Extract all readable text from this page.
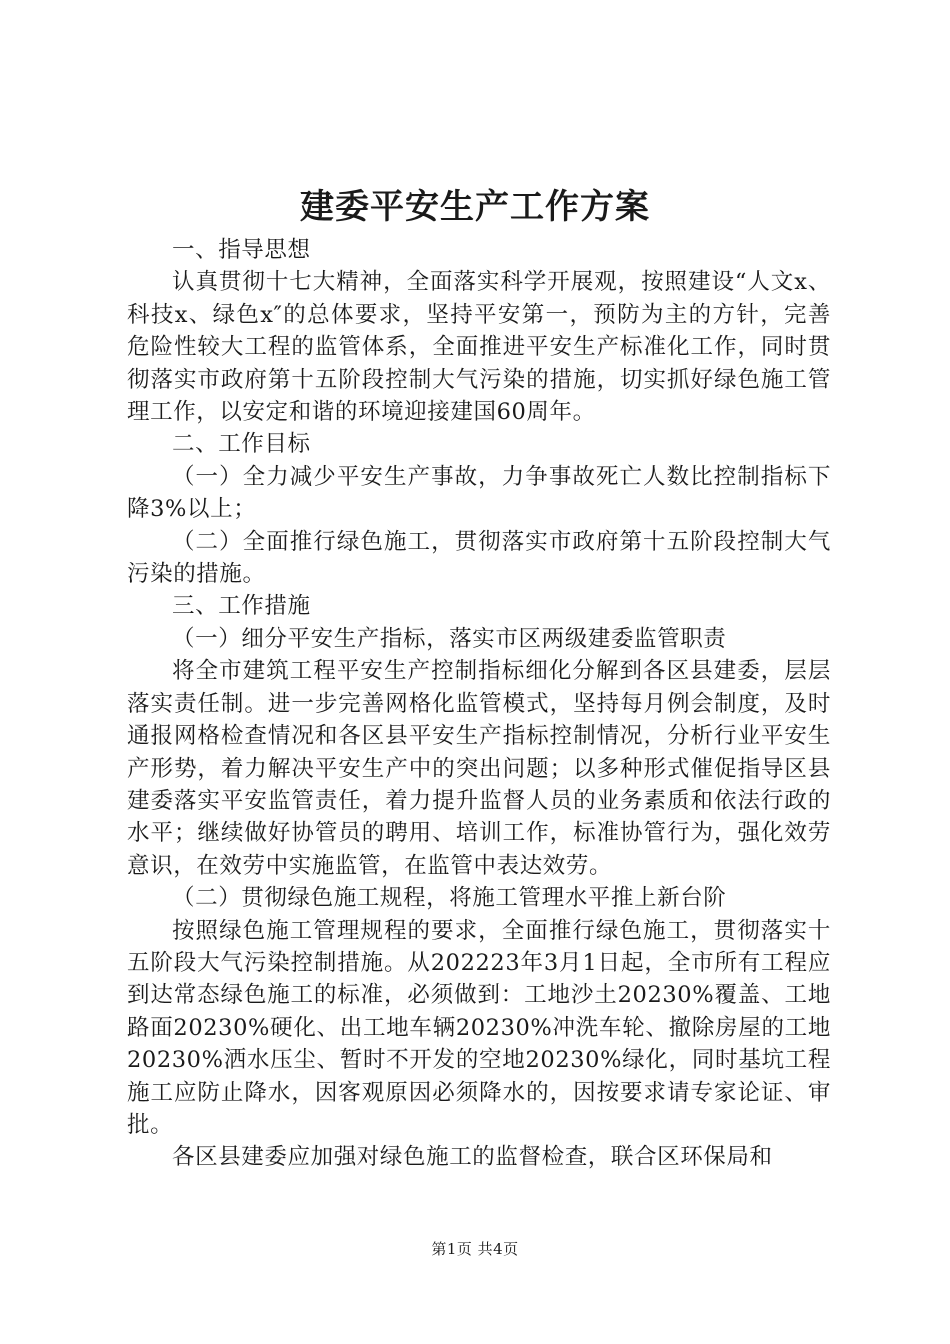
建委平安生产工作方案

一、指导思想

认真贯彻十七大精神，全面落实科学开展观，按照建设“人文x、科技x、绿色x″的总体要求，坚持平安第一，预防为主的方针，完善危险性较大工程的监管体系，全面推进平安生产标准化工作，同时贯彻落实市政府第十五阶段控制大气污染的措施，切实抓好绿色施工管理工作，以安定和谐的环境迎接建国60周年。

二、工作目标

（一）全力减少平安生产事故，力争事故死亡人数比控制指标下降3%以上；

（二）全面推行绿色施工，贯彻落实市政府第十五阶段控制大气污染的措施。

三、工作措施

（一）细分平安生产指标，落实市区两级建委监管职责

将全市建筑工程平安生产控制指标细化分解到各区县建委，层层落实责任制。进一步完善网格化监管模式，坚持每月例会制度，及时通报网格检查情况和各区县平安生产指标控制情况，分析行业平安生产形势，着力解决平安生产中的突出问题；以多种形式催促指导区县建委落实平安监管责任，着力提升监督人员的业务素质和依法行政的水平；继续做好协管员的聘用、培训工作，标准协管行为，强化效劳意识，在效劳中实施监管，在监管中表达效劳。

（二）贯彻绿色施工规程，将施工管理水平推上新台阶

按照绿色施工管理规程的要求，全面推行绿色施工，贯彻落实十五阶段大气污染控制措施。从202223年3月1日起，全市所有工程应到达常态绿色施工的标准，必须做到：工地沙土20230%覆盖、工地路面20230%硬化、出工地车辆20230%冲洗车轮、撤除房屋的工地20230%洒水压尘、暂时不开发的空地20230%绿化，同时基坑工程施工应防止降水，因客观原因必须降水的，因按要求请专家论证、审批。

各区县建委应加强对绿色施工的监督检查，联合区环保局和

第1页 共4页
